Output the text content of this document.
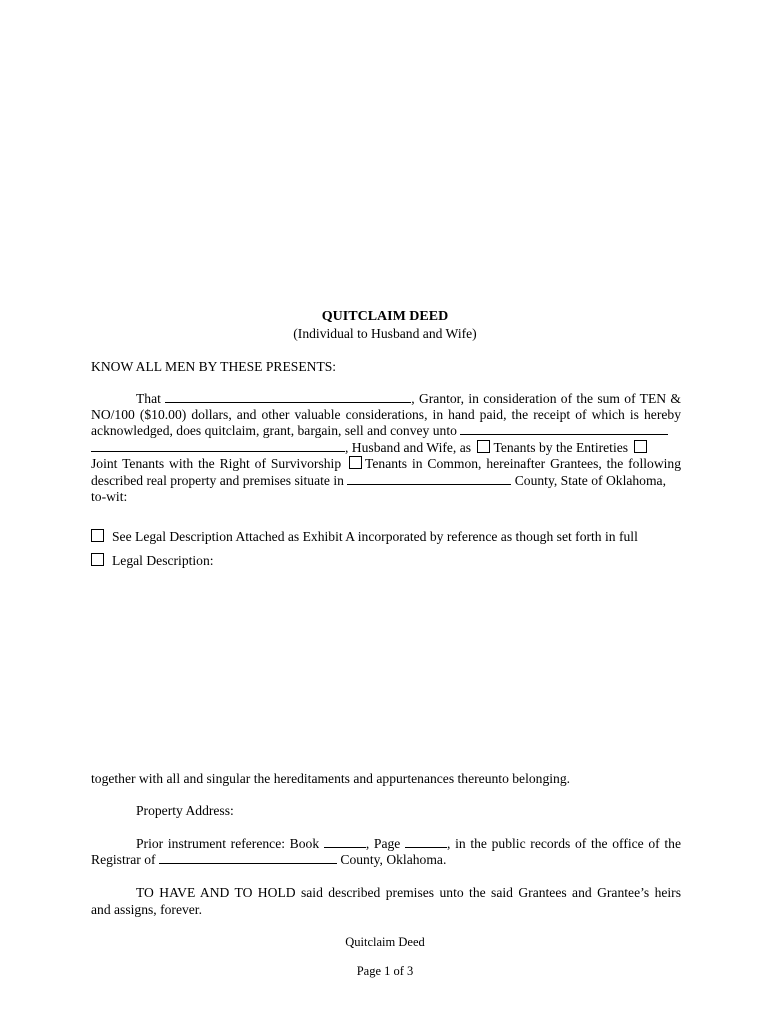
QUITCLAIM DEED
(Individual to Husband and Wife)
KNOW ALL MEN BY THESE PRESENTS:
That	, Grantor, in consideration of the sum of TEN &
NO/100 ($10.00) dollars, and other valuable considerations, in hand paid, the receipt of which is hereby
acknowledged, does quitclaim, grant, bargain, sell and convey unto
, Husband and Wife, as Tenants by the Entireties
Joint Tenants with the Right of Survivorship Tenants in Common, hereinafter Grantees, the following
described real property and premises situate in	County, State of Oklahoma,
to-wit:
See Legal Description Attached as Exhibit A incorporated by reference as though set forth in full
Legal Description:
together with all and singular the hereditaments and appurtenances thereunto belonging.
Property Address:
Prior instrument reference: Book	, Page	, in the public records of the office of the
Registrar of	County, Oklahoma.
TO HAVE AND TO HOLD said described premises unto the said Grantees and Grantee’s heirs
and assigns, forever.
Quitclaim Deed
Page 1 of 3
